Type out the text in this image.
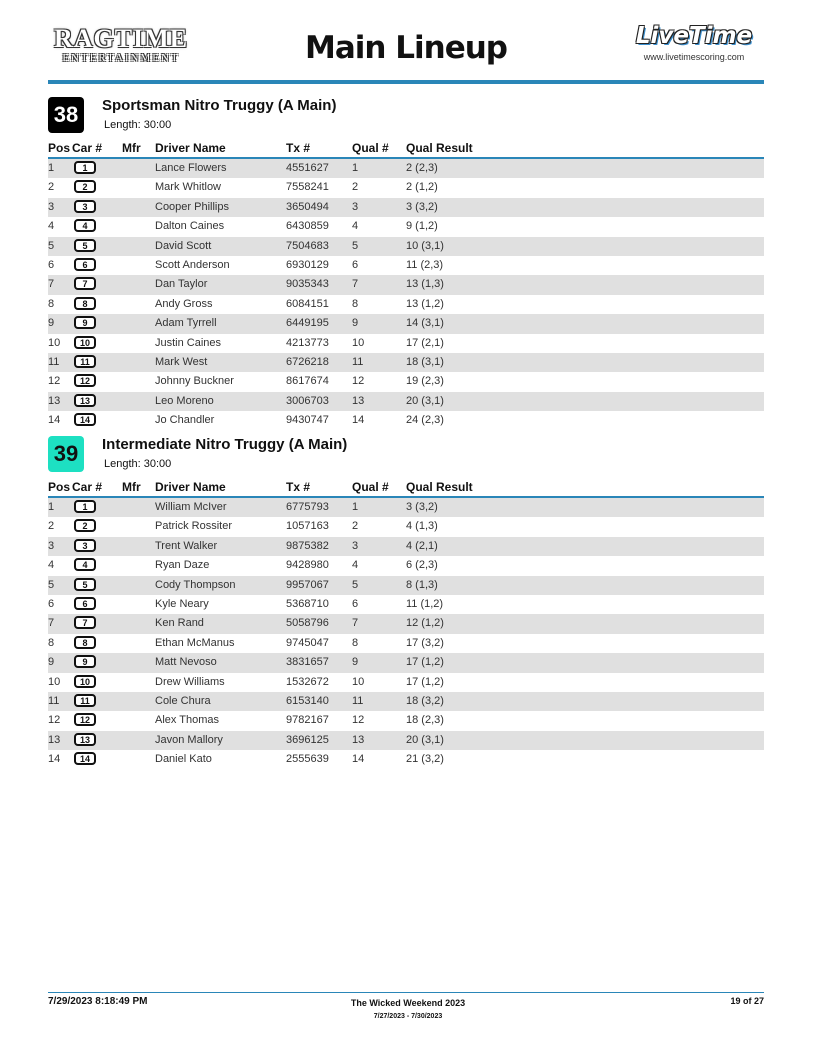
RAGTIME
ENTERTAINMENT	Main Lineup	LiveTime
www.livetimescoring.com
38	Sportsman Nitro Truggy (A Main)
Length: 30:00
Pos Car # Mfr Driver Name	Tx #	Qual # Qual Result
1	1	Lance Flowers	4551627 1	2 (2,3)
2	2	Mark Whitlow	7558241 2	2 (1,2)
3	3	Cooper Phillips	3650494 3	3 (3,2)
4	4	Dalton Caines	6430859 4	9 (1,2)
5	5	David Scott	7504683 5	10 (3,1)
6	6	Scott Anderson	6930129 6	11 (2,3)
7	7	Dan Taylor	9035343 7	13 (1,3)
8	8	Andy Gross	6084151 8	13 (1,2)
9	9	Adam Tyrrell	6449195 9	14 (3,1)
10	10	Justin Caines	4213773 10	17 (2,1)
11	11	Mark West	6726218 11	18 (3,1)
12	12	Johnny Buckner	8617674 12	19 (2,3)
13	13	Leo Moreno	3006703 13	20 (3,1)
14	14	Jo Chandler	9430747 14	24 (2,3)
39	Intermediate Nitro Truggy (A Main)
Length: 30:00
Pos Car # Mfr Driver Name	Tx #	Qual # Qual Result
1	1	William McIver	6775793 1	3 (3,2)
2	2	Patrick Rossiter	1057163 2	4 (1,3)
3	3	Trent Walker	9875382 3	4 (2,1)
4	4	Ryan Daze	9428980 4	6 (2,3)
5	5	Cody Thompson	9957067 5	8 (1,3)
6	6	Kyle Neary	5368710 6	11 (1,2)
7	7	Ken Rand	5058796 7	12 (1,2)
8	8	Ethan McManus	9745047 8	17 (3,2)
9	9	Matt Nevoso	3831657 9	17 (1,2)
10	10	Drew Williams	1532672 10	17 (1,2)
11	11	Cole Chura	6153140 11	18 (3,2)
12	12	Alex Thomas	9782167 12	18 (2,3)
13	13	Javon Mallory	3696125 13	20 (3,1)
14	14	Daniel Kato	2555639 14	21 (3,2)
7/29/2023 8:18:49 PM	The Wicked Weekend 2023
7/27/2023 - 7/30/2023
19 of 27
